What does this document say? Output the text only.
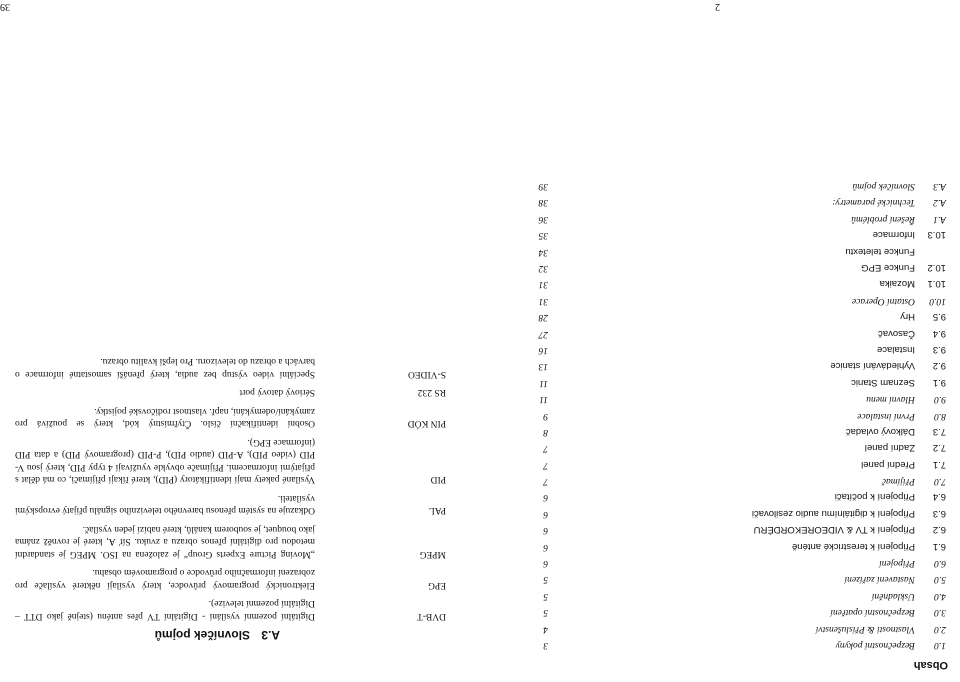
Obsah
1.0
Bezpečnostní pokyny
3
2.0
Vlastnosti & Příslušenství
4
3.0
Bezpečnostní opatření
5
4.0
Uskladnění
5
5.0
Nastavení zařízení
5
6.0
Připojení
6
6.1
Připojení k terestrické anténě
6
6.2
Připojení k TV & VIDEOREKORDÉRU
6
6.3
Připojení k digitálnímu audio zesilovači
6
6.4
Připojení k počítači
6
7.0
Přijímač
7
7.1
Přední panel
7
7.2
Zadní panel
7
7.3
Dálkový ovladač
8
8.0
První instalace
9
9.0
Hlavní menu
11
9.1
Seznam Stanic
11
9.2
Vyhledávání stanice
13
9.3
Instalace
16
9.4
Časovač
27
9.5
Hry
28
10.0
Ostatní Operace
31
10.1
Mozaika
31
10.2
Funkce EPG
32
Funkce teletextu
34
10.3
Informace
35
A.1
Řešení problémů
36
A.2
Technické parametry:
38
A.3
Slovníček pojmů
39
2
A.3 Slovníček pojmů
DVB-T
Digitální pozemní vysílání - Digitální TV přes anténu (stejně jako DTT – Digitální pozemní televize).
EPG
Elektronický programový průvodce, který vysílají některé vysílače pro zobrazení informačního průvodce o programovém obsahu.
MPEG
„Moving Picture Experts Group“ je založena na ISO. MPEG je standardní metodou pro digitální přenos obrazu a zvuku. Síť A, které je rovněž známa jako bouquet, je souborem kanálů, které nabízí jeden vysílač.
PAL
Odkazuje na systém přenosu barevného televizního signálu přijatý evropskými vysílateli.
PID
Vysílané pakety mají identifikátory (PID), které říkají přijímači, co má dělat s přijatými informacemi. Přijímače obvykle využívají 4 typy PID, který jsou V-PID (video PID), A-PID (audio PID), P-PID (programový PID) a data PID (informace EPG).
PIN KÓD
Osobní identifikační číslo. Čtyřmístný kód, který se používá pro zamykání/odemykání, např. vlastnost rodičovské pojistky.
RS 232
Sériový datový port
S-VIDEO
Speciální video výstup bez audia, který přenáší samostatné informace o barvách a obrazu do televizoru. Pro lepší kvalitu obrazu.
39
